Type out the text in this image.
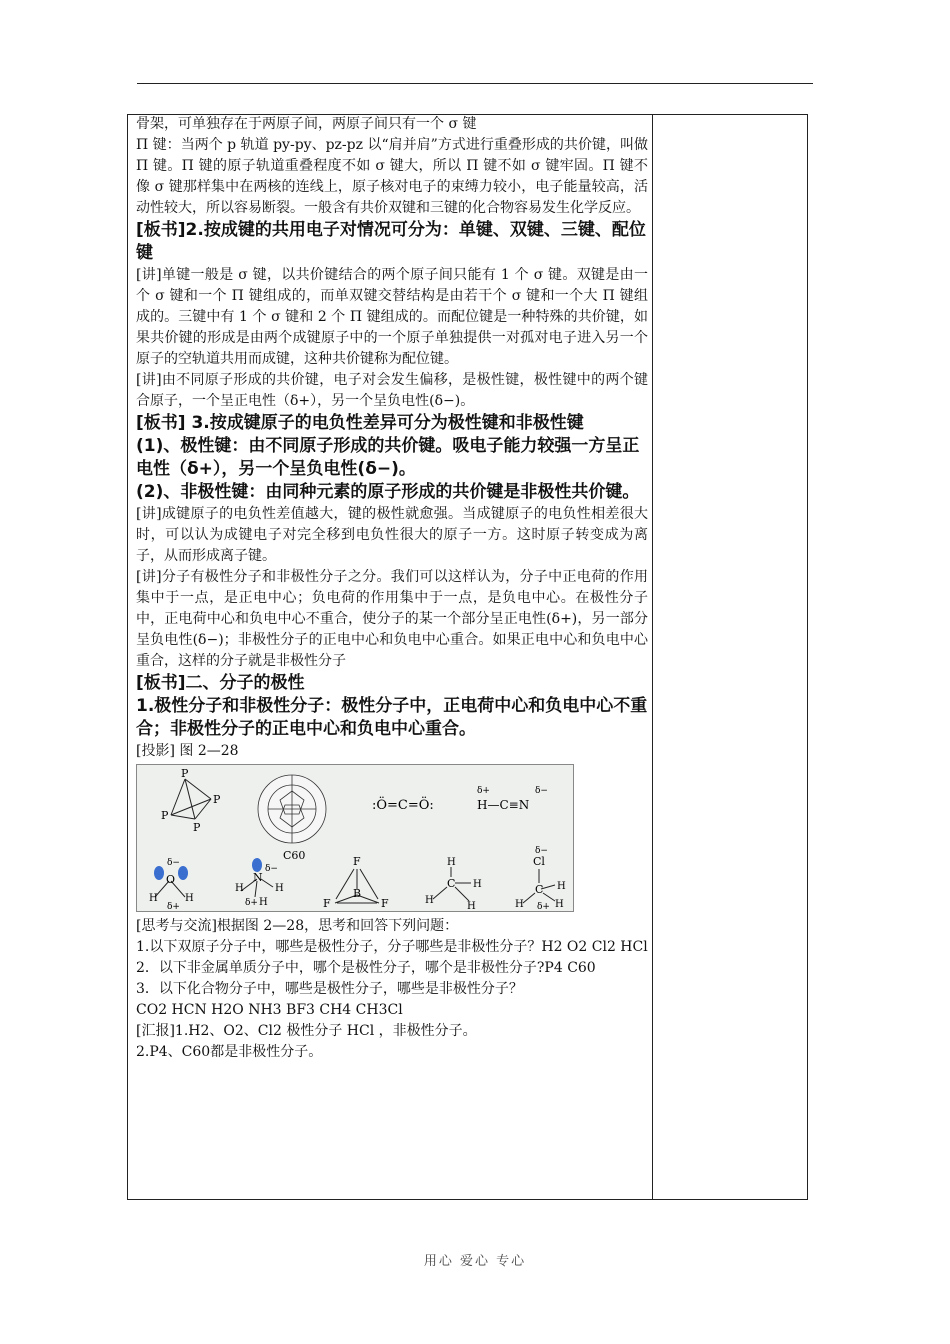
骨架，可单独存在于两原子间，两原子间只有一个 σ 键

Π 键：当两个 p 轨道 py-py、pz-pz 以“肩并肩”方式进行重叠形成的共价键，叫做 Π 键。Π 键的原子轨道重叠程度不如 σ 键大，所以 Π 键不如 σ 键牢固。Π 键不像 σ 键那样集中在两核的连线上，原子核对电子的束缚力较小，电子能量较高，活动性较大，所以容易断裂。一般含有共价双键和三键的化合物容易发生化学反应。

[板书]2.按成键的共用电子对情况可分为：单键、双键、三键、配位键

[讲]单键一般是 σ 键，以共价键结合的两个原子间只能有 1 个 σ 键。双键是由一个 σ 键和一个 Π 键组成的，而单双键交替结构是由若干个 σ 键和一个大 Π 键组成的。三键中有 1 个 σ 键和 2 个 Π 键组成的。而配位键是一种特殊的共价键，如果共价键的形成是由两个成键原子中的一个原子单独提供一对孤对电子进入另一个原子的空轨道共用而成键，这种共价键称为配位键。

[讲]由不同原子形成的共价键，电子对会发生偏移，是极性键，极性键中的两个键合原子，一个呈正电性（δ+），另一个呈负电性(δ−)。

[板书] 3.按成键原子的电负性差异可分为极性键和非极性键

(1)、极性键：由不同原子形成的共价键。吸电子能力较强一方呈正电性（δ+），另一个呈负电性(δ−)。

(2)、非极性键：由同种元素的原子形成的共价键是非极性共价键。

[讲]成键原子的电负性差值越大，键的极性就愈强。当成键原子的电负性相差很大时，可以认为成键电子对完全移到电负性很大的原子一方。这时原子转变成为离子，从而形成离子键。

[讲]分子有极性分子和非极性分子之分。我们可以这样认为，分子中正电荷的作用集中于一点，是正电中心；负电荷的作用集中于一点，是负电中心。在极性分子中，正电荷中心和负电中心不重合，使分子的某一个部分呈正电性(δ+)，另一部分呈负电性(δ−)；非极性分子的正电中心和负电中心重合。如果正电中心和负电中心重合，这样的分子就是非极性分子

[板书]二、分子的极性

1.极性分子和非极性分子：极性分子中，正电荷中心和负电中心不重合；非极性分子的正电中心和负电中心重合。

[投影] 图 2—28

P
P
P
P
C60
:Ö=C=Ö:
δ+	δ−
H—C≡N
δ−
O
H	H
δ+
δ−
N
H	H
δ+ H
F
B
F	F
H
C H
H
H
δ−
Cl
C H
H δ+ H

[思考与交流]根据图 2—28，思考和回答下列问题：

1.以下双原子分子中，哪些是极性分子，分子哪些是非极性分子？H2 O2 Cl2 HCl

2．以下非金属单质分子中，哪个是极性分子，哪个是非极性分子?P4 C60

3．以下化合物分子中，哪些是极性分子，哪些是非极性分子？

CO2 HCN H2O NH3 BF3 CH4 CH3Cl

[汇报]1.H2、O2、Cl2 极性分子 HCl ，非极性分子。

2.P4、C60都是非极性分子。

用心 爱心 专心
